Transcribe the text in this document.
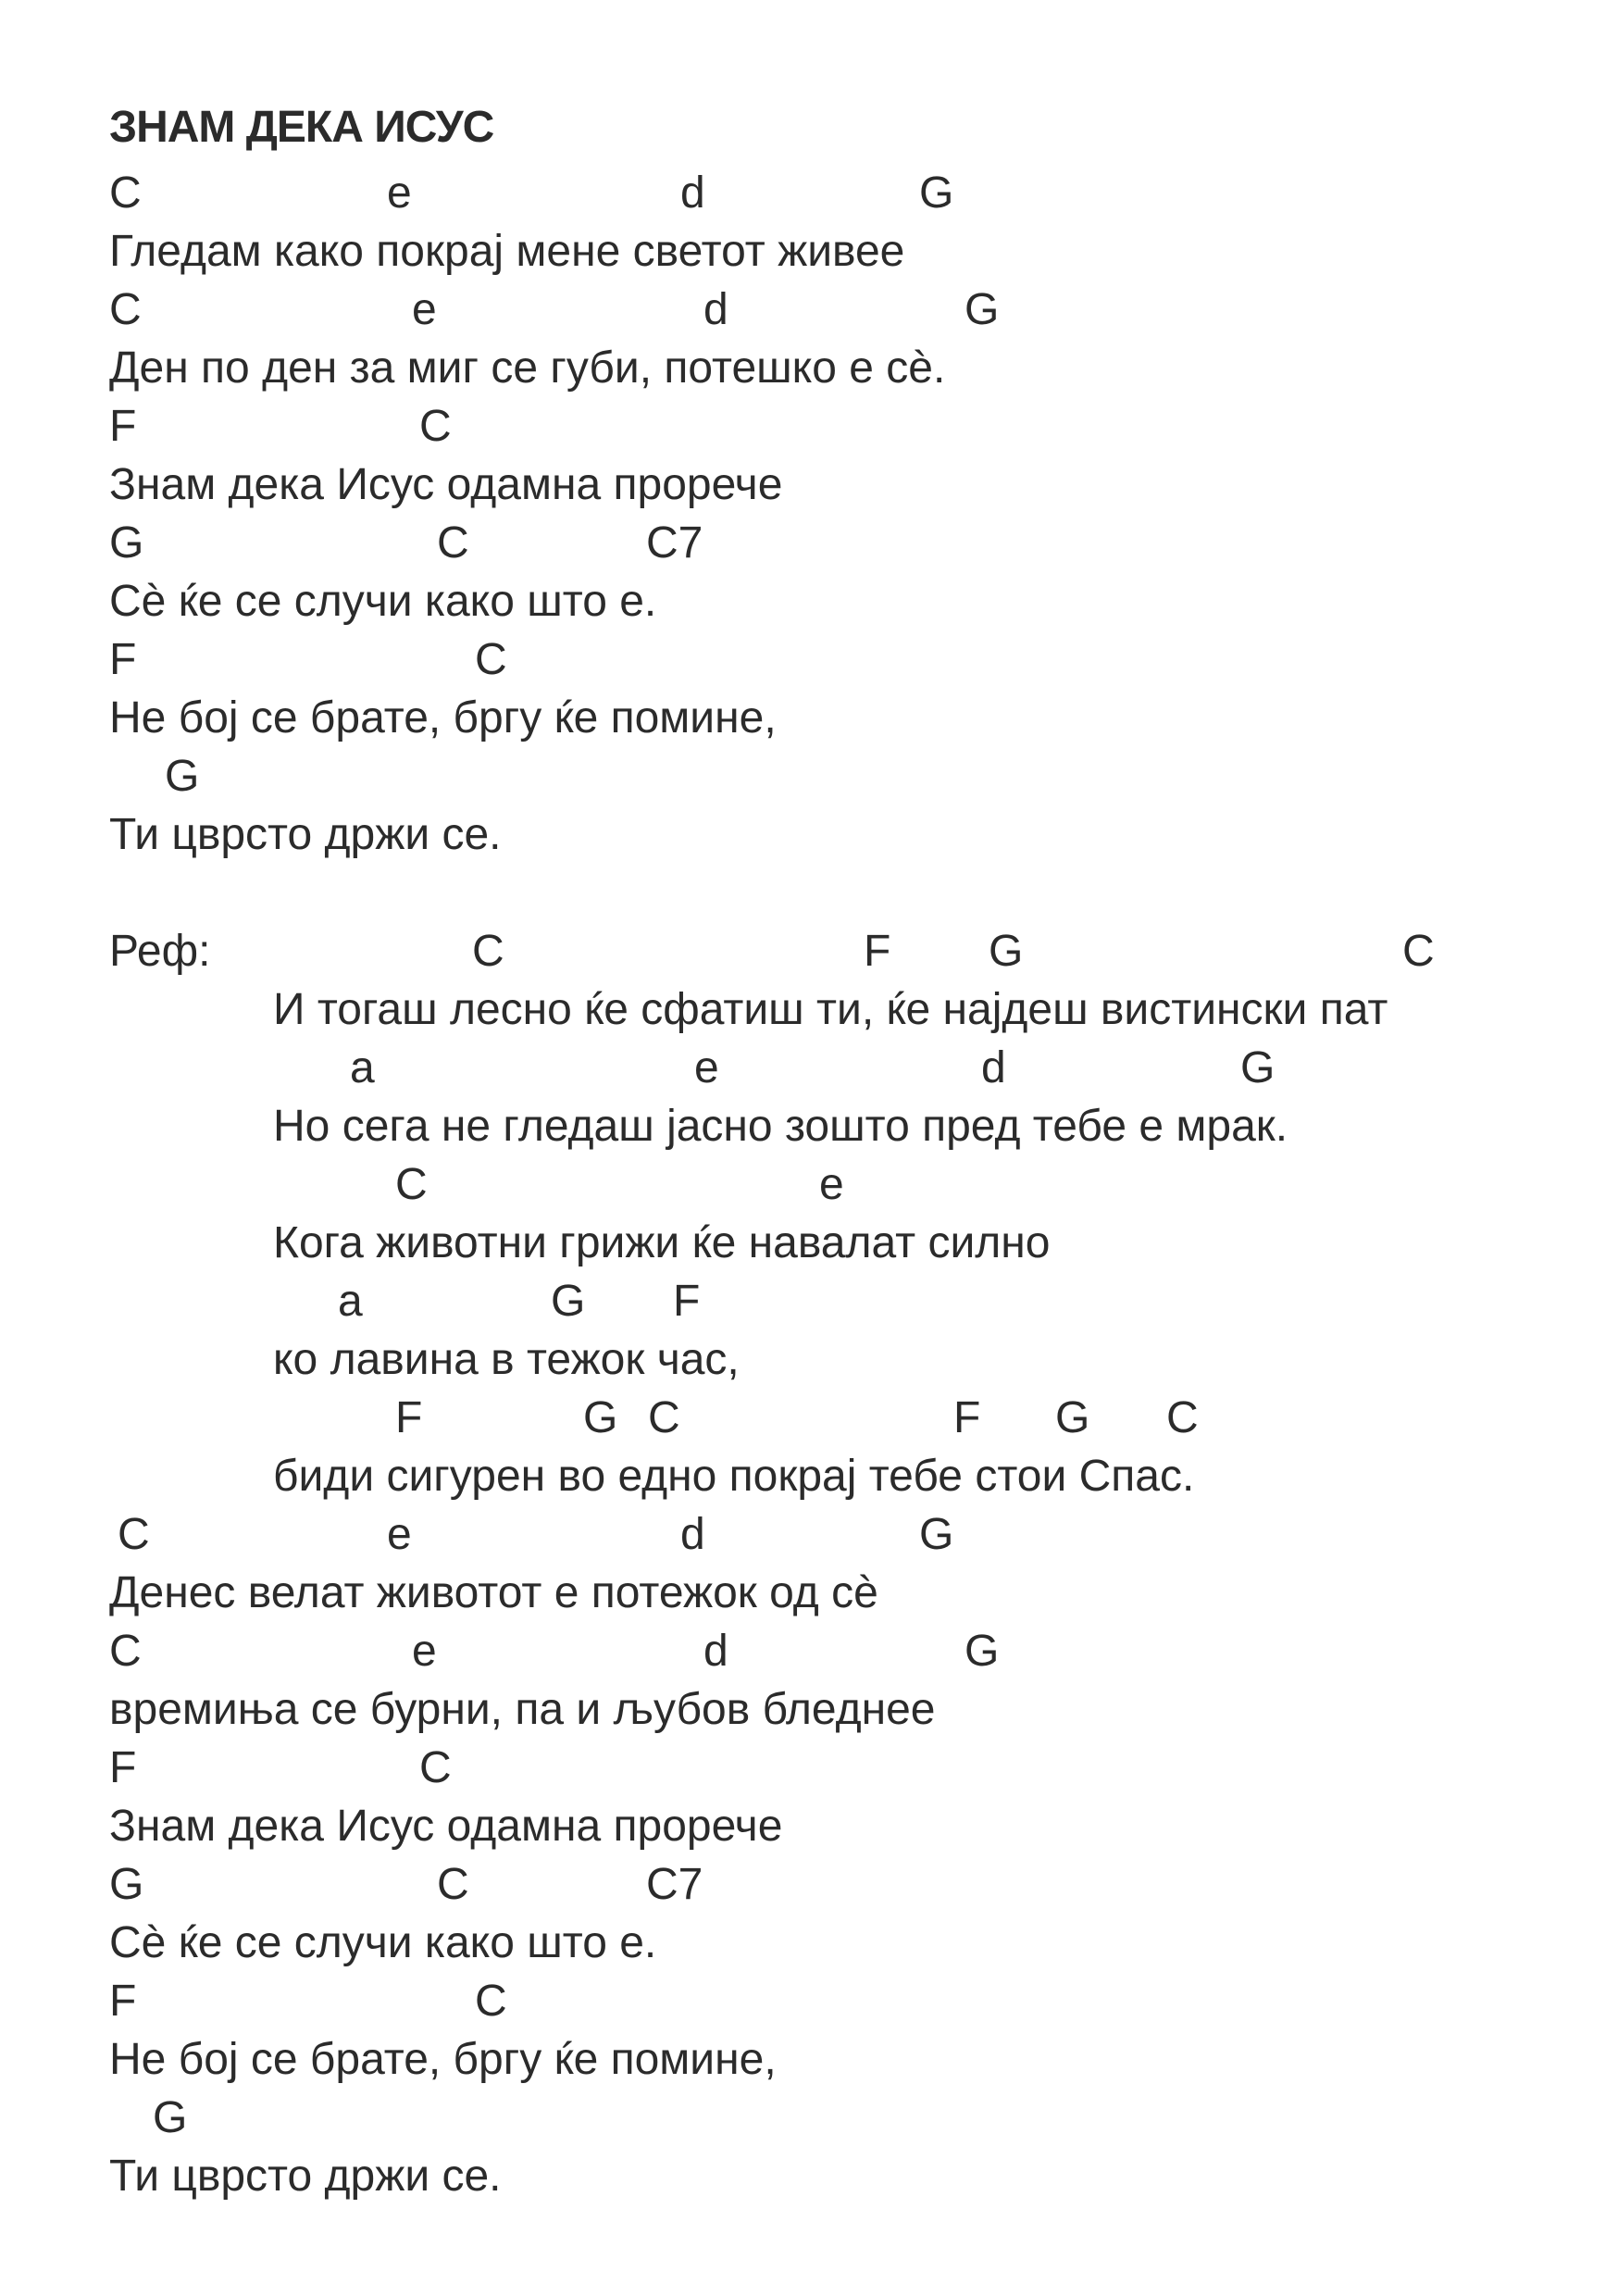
ЗНАМ ДЕКА ИСУС
C	e	d	G
Гледам како покрај мене светот живее
C	e	d	G
Ден по ден за миг се губи, потешко е сѐ.
F	C
Знам дека Исус одамна прорече
G	C	C7
Сѐ ќе се случи како што е.
F	C
Не бој се брате, бргу ќе помине,
G
Ти цврсто држи се.
Реф:	C	F G	C
И тогаш лесно ќе сфатиш ти, ќе најдеш вистински пат
a	e	d	G
Но сега не гледаш јасно зошто пред тебе е мрак.
C	e
Кога животни грижи ќе навалат силно
a	G F
ко лавина в тежок час,
F	G C	F G C
биди сигурен во едно покрај тебе стои Спас.
C	e	d	G
Денес велат животот е потежок од сѐ
C	e	d	G
времиња се бурни, па и љубов бледнее
F	C
Знам дека Исус одамна прорече
G	C	C7
Сѐ ќе се случи како што е.
F	C
Не бој се брате, бргу ќе помине,
G
Ти цврсто држи се.
